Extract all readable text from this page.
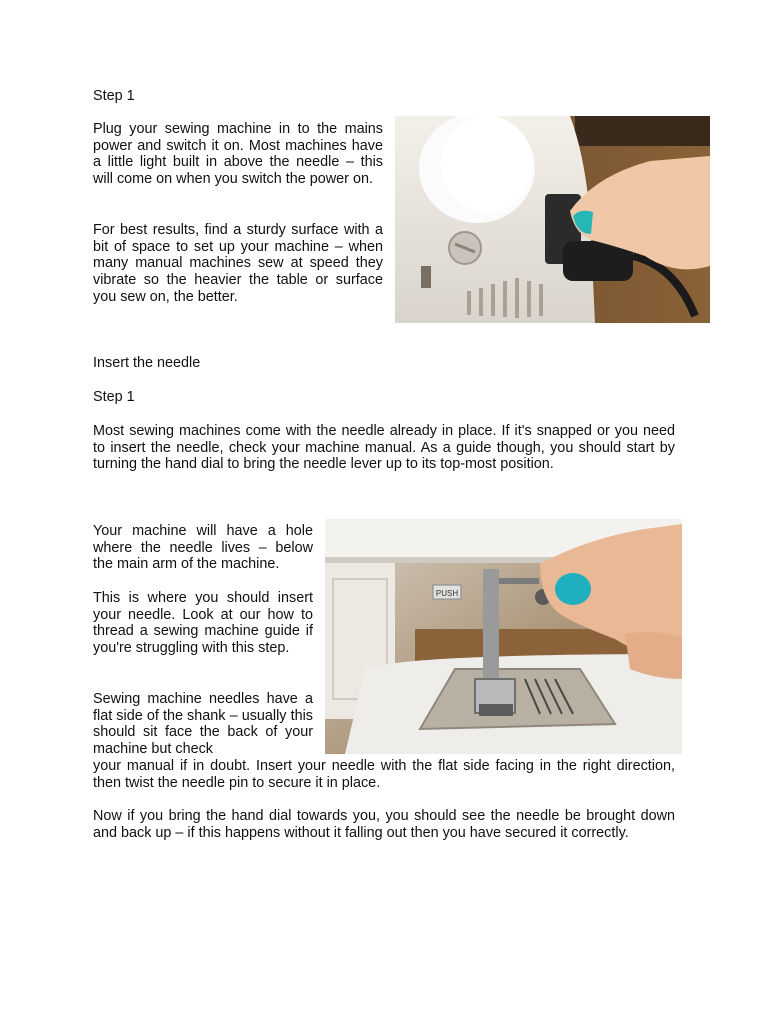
Step 1

Plug your sewing machine in to the mains power and switch it on. Most machines have a little light built in above the needle – this will come on when you switch the power on.

For best results, find a sturdy surface with a bit of space to set up your machine – when many manual machines sew at speed they vibrate so the heavier the table or surface you sew on, the better.

Insert the needle

Step 1

Most sewing machines come with the needle already in place. If it's snapped or you need to insert the needle, check your machine manual. As a guide though, you should start by turning the hand dial to bring the needle lever up to its top-most position.

Your machine will have a hole where the needle lives – below the main arm of the machine.

This is where you should insert your needle. Look at our how to thread a sewing machine guide if you're struggling with this step.

Sewing machine needles have a flat side of the shank – usually this should sit face the back of your machine but check

your manual if in doubt. Insert your needle with the flat side facing in the right direction, then twist the needle pin to secure it in place.

Now if you bring the hand dial towards you, you should see the needle be brought down and back up – if this happens without it falling out then you have secured it correctly.

PUSH
